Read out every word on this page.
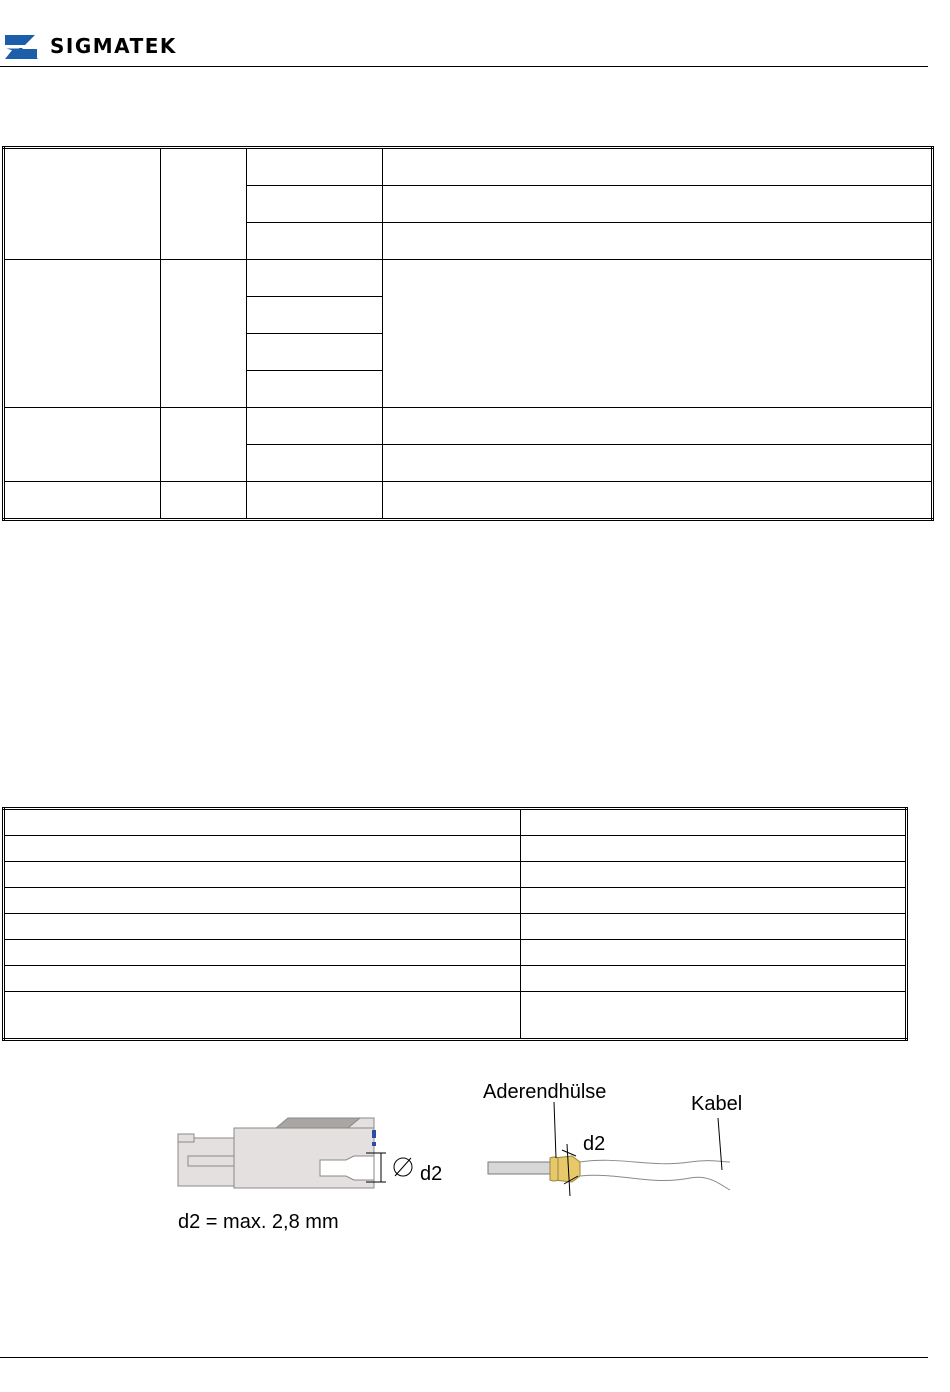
SIGMATEK

d2
d2 = max. 2,8 mm
Aderendhülse
d2
Kabel
